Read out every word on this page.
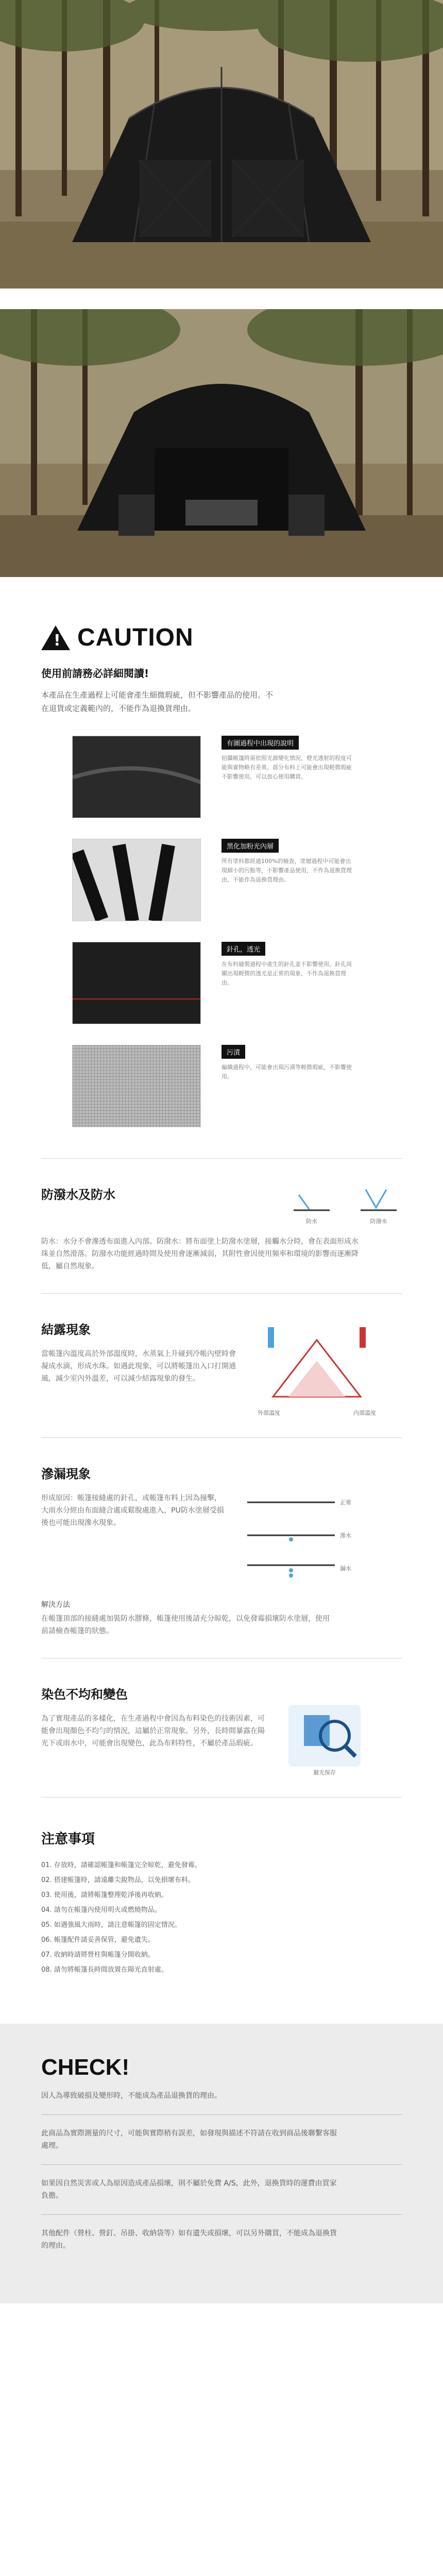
! CAUTION
使用前請務必詳細閱讀!
本產品在生產過程上可能會產生細微瑕疵，但不影響產品的使用。不在退貨或定義範內的，不能作為退換貨理由。
有圖過程中出現的說明
拍攝帳篷時需依照光源變化情況，燈光透射的程度可能與實物略有差異，部分布料上可能會出現輕微瑕疵不影響使用，可以放心使用購買。
黑化加粉光內層
所有塗料都經過100%的檢查，塗層過程中可能會出現細小的污點等，不影響產品使用，不作為退換貨理由，不能作為退換貨理由。
針孔，透光
在布料縫製過程中產生的針孔並不影響使用，針孔周圍出現輕微的透光是正常的現象，不作為退換貨理由。
污漬
編織過程中，可能會出現污漬等輕微瑕疵，不影響使用。
防潑水及防水
防水	防潑水

防水：水分不會滲透布面進入內部。防潑水：將布面塗上防潑水塗層，接觸水分時，會在表面形成水珠並自然滑落。防潑水功能經過時間及使用會逐漸減弱，其附性會因使用頻率和環境的影響而逐漸降低，屬自然現象。

結露現象

當帳篷內溫度高於外部溫度時，水蒸氣上升碰到冷帳內壁時會凝成水滴，形成水珠。如遇此現象，可以將帳篷出入口打開通風，減少室內外溫差，可以減少結露現象的發生。

外部溫度	内部溫度
滲漏現象

形成原因：帳篷接縫處的針孔，或帳篷布料上因為撞擊，大雨水分經由布面縫合處或鬆脫處進入，PU防水塗層受損後也可能出現滲水現象。

正常
滲水
漏水
解決方法

在帳篷頂部的接縫處加裝防水膠條，帳篷使用後請充分晾乾，以免發霉損壞防水塗層，使用前請檢查帳篷的狀態。

染色不均和變色

為了實現產品的多樣化，在生產過程中會因為布料染色的技術因素，可能會出現顏色不均勻的情況，這屬於正常現象。另外，長時間暴露在陽光下或雨水中，可能會出現變色，此為布料特性，不屬於產品瑕疵。

避光保存
注意事項
01. 存放時，請確認帳篷和帳篷完全晾乾，避免發霉。
02. 搭建帳篷時，請遠離尖銳物品，以免損壞布料。
03. 使用後，請將帳篷整理乾淨後再收納。
04. 請勿在帳篷內使用明火或燃燒物品。
05. 如遇強風大雨時，請注意帳篷的固定情況。
06. 帳篷配件請妥善保管，避免遺失。
07. 收納時請將營柱與帳篷分開收納。
08. 請勿將帳篷長時間放置在陽光直射處。
CHECK!

因人為導致破損及變形時，不能成為產品退換貨的理由。

此商品為實際測量的尺寸，可能與實際稍有誤差，如發現與描述不符請在收到商品後聯繫客服處理。

如果因自然災害或人為原因造成產品損壞，則不屬於免費 A/S，此外，退換貨時的運費由買家負擔。

其他配件（營柱、營釘、吊掛、收納袋等）如有遺失或損壞，可以另外購買，不能成為退換貨的理由。
